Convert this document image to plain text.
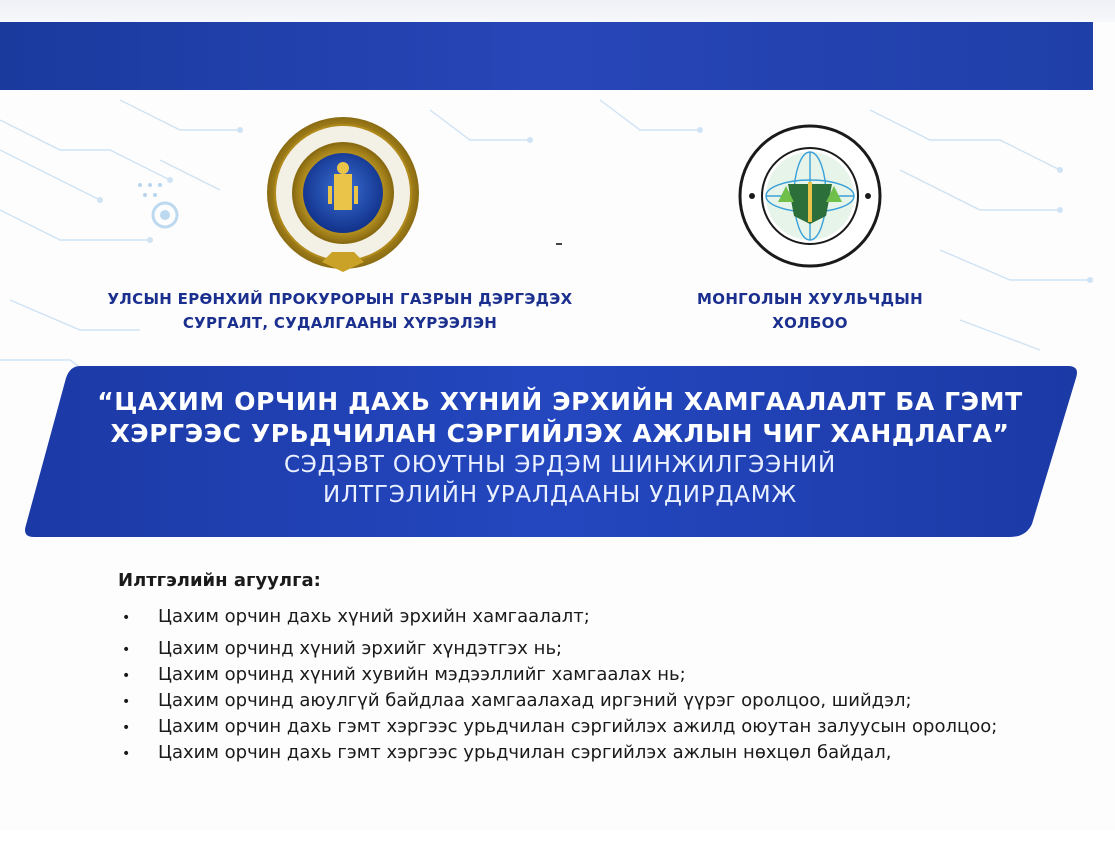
УЛСЫН ЕРӨНХИЙ ПРОКУРОРЫН ГАЗРЫН ДЭРГЭДЭХ
СУРГАЛТ, СУДАЛГААНЫ ХҮРЭЭЛЭН
МОНГОЛЫН ХУУЛЬЧДЫН
ХОЛБОО
“ЦАХИМ ОРЧИН ДАХЬ ХҮНИЙ ЭРХИЙН ХАМГААЛАЛТ БА ГЭМТ
ХЭРГЭЭС УРЬДЧИЛАН СЭРГИЙЛЭХ АЖЛЫН ЧИГ ХАНДЛАГА”
СЭДЭВТ ОЮУТНЫ ЭРДЭМ ШИНЖИЛГЭЭНИЙ
ИЛТГЭЛИЙН УРАЛДААНЫ УДИРДАМЖ
Илтгэлийн агуулга:
• Цахим орчин дахь хүний эрхийн хамгаалалт;
• Цахим орчинд хүний эрхийг хүндэтгэх нь;
• Цахим орчинд хүний хувийн мэдээллийг хамгаалах нь;
• Цахим орчинд аюулгүй байдлаа хамгаалахад иргэний үүрэг оролцоо, шийдэл;
• Цахим орчин дахь гэмт хэргээс урьдчилан сэргийлэх ажилд оюутан залуусын оролцоо;
• Цахим орчин дахь гэмт хэргээс урьдчилан сэргийлэх ажлын нөхцөл байдал,
